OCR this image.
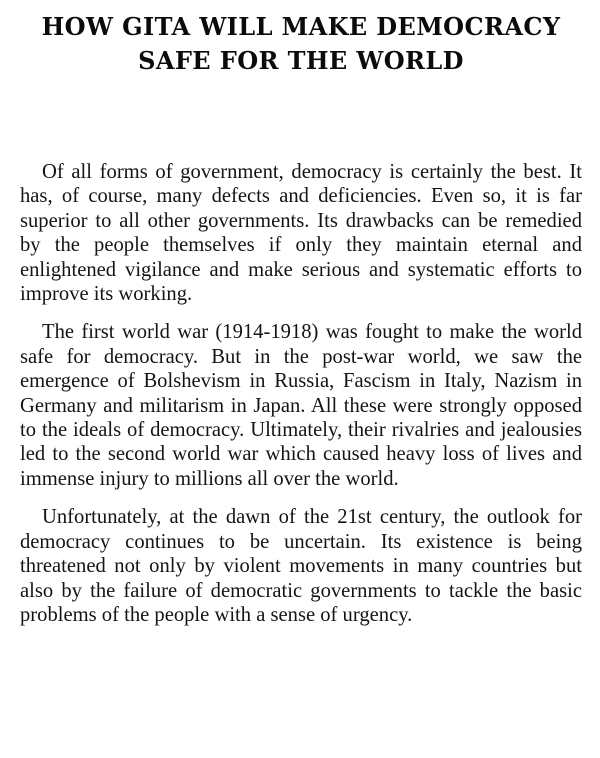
HOW GITA WILL MAKE DEMOCRACY
SAFE FOR THE WORLD

Of all forms of government, democracy is certainly the best. It has, of course, many defects and deficiencies. Even so, it is far superior to all other governments. Its drawbacks can be remedied by the people themselves if only they maintain eternal and enlightened vigilance and make serious and systematic efforts to improve its working.

The first world war (1914-1918) was fought to make the world safe for democracy. But in the post-war world, we saw the emergence of Bolshevism in Russia, Fascism in Italy, Nazism in Germany and militarism in Japan. All these were strongly opposed to the ideals of democracy. Ultimately, their rivalries and jealousies led to the second world war which caused heavy loss of lives and immense injury to millions all over the world.

Unfortunately, at the dawn of the 21st century, the outlook for democracy continues to be uncertain. Its existence is being threatened not only by violent movements in many countries but also by the failure of democratic governments to tackle the basic problems of the people with a sense of urgency.
